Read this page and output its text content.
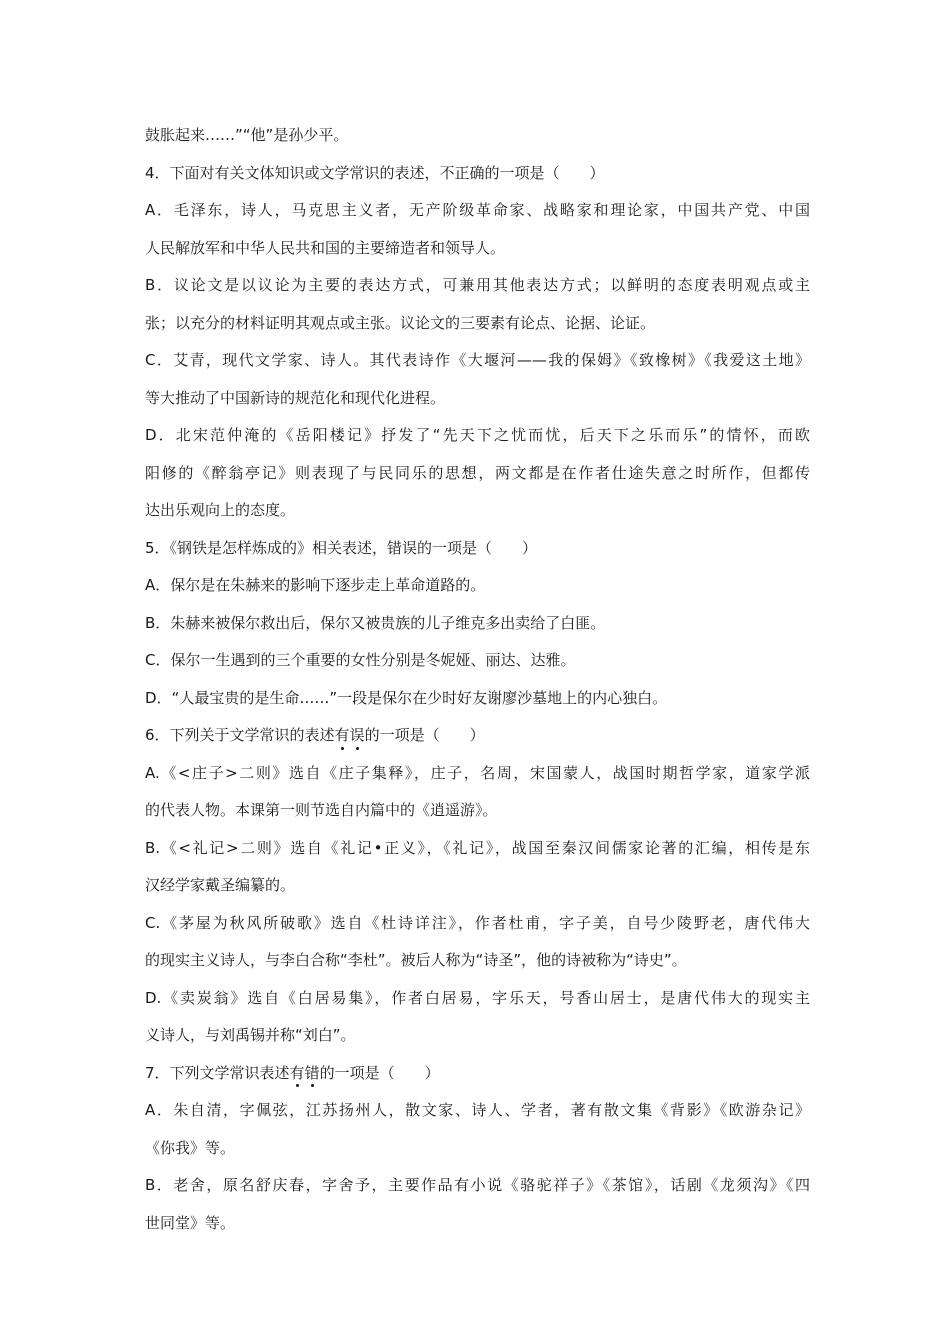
鼓胀起来……”“他”是孙少平。
4．下面对有关文体知识或文学常识的表述，不正确的一项是（　　）
A．毛泽东，诗人，马克思主义者，无产阶级革命家、战略家和理论家，中国共产党、中国
人民解放军和中华人民共和国的主要缔造者和领导人。
B．议论文是以议论为主要的表达方式，可兼用其他表达方式；以鲜明的态度表明观点或主
张；以充分的材料证明其观点或主张。议论文的三要素有论点、论据、论证。
C．艾青，现代文学家、诗人。其代表诗作《大堰河——我的保姆》《致橡树》《我爱这土地》
等大推动了中国新诗的规范化和现代化进程。
D．北宋范仲淹的《岳阳楼记》抒发了“先天下之忧而忧，后天下之乐而乐”的情怀，而欧
阳修的《醉翁亭记》则表现了与民同乐的思想，两文都是在作者仕途失意之时所作，但都传
达出乐观向上的态度。
5．《钢铁是怎样炼成的》相关表述，错误的一项是（　　）
A．保尔是在朱赫来的影响下逐步走上革命道路的。
B．朱赫来被保尔救出后，保尔又被贵族的儿子维克多出卖给了白匪。
C．保尔一生遇到的三个重要的女性分别是冬妮娅、丽达、达雅。
D．“人最宝贵的是生命……”一段是保尔在少时好友谢廖沙墓地上的内心独白。
6．下列关于文学常识的表述有误的一项是（　　）
A.《<庄子>二则》选自《庄子集释》，庄子，名周，宋国蒙人，战国时期哲学家，道家学派
的代表人物。本课第一则节选自内篇中的《逍遥游》。
B.《<礼记>二则》选自《礼记•正义》，《礼记》，战国至秦汉间儒家论著的汇编，相传是东
汉经学家戴圣编纂的。
C.《茅屋为秋风所破歌》选自《杜诗详注》，作者杜甫，字子美，自号少陵野老，唐代伟大
的现实主义诗人，与李白合称“李杜”。被后人称为“诗圣”，他的诗被称为“诗史”。
D.《卖炭翁》选自《白居易集》，作者白居易，字乐天，号香山居士，是唐代伟大的现实主
义诗人，与刘禹锡并称“刘白”。
7．下列文学常识表述有错的一项是（　　）
A．朱自清，字佩弦，江苏扬州人，散文家、诗人、学者，著有散文集《背影》《欧游杂记》
《你我》等。
B．老舍，原名舒庆春，字舍予，主要作品有小说《骆驼祥子》《茶馆》，话剧《龙须沟》《四
世同堂》等。
